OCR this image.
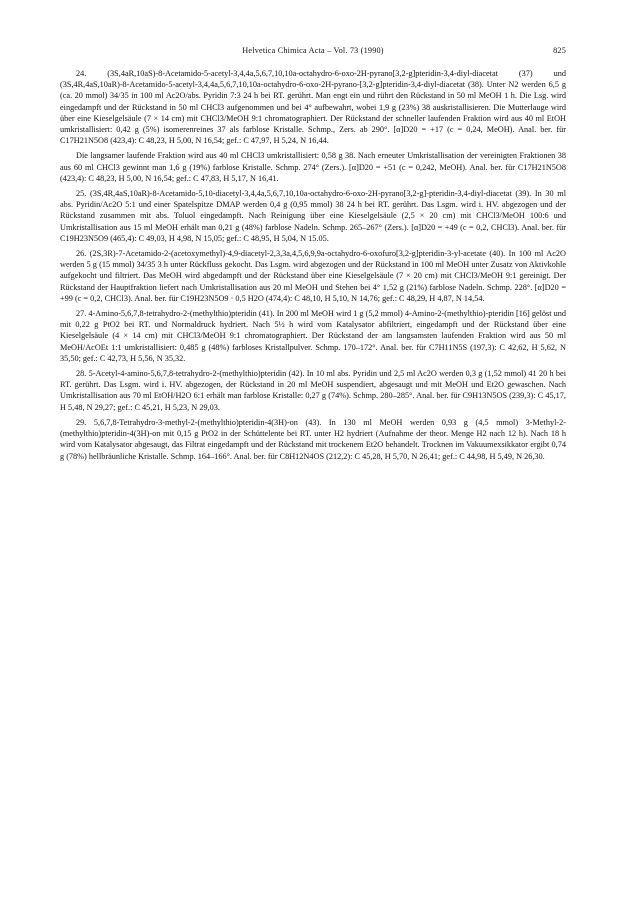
Helvetica Chimica Acta – Vol. 73 (1990)	825

24. (3S,4aR,10aS)-8-Acetamido-5-acetyl-3,4,4a,5,6,7,10,10a-octahydro-6-oxo-2H-pyrano[3,2-g]pteridin-3,4-diyl-diacetat (37) und (3S,4R,4aS,10aR)-8-Acetamido-5-acetyl-3,4,4a,5,6,7,10,10a-octahydro-6-oxo-2H-pyrano-[3,2-g]pteridin-3,4-diyl-diacetat (38). Unter N2 werden 6,5 g (ca. 20 mmol) 34/35 in 100 ml Ac2O/abs. Pyridin 7:3 24 h bei RT. gerührt. Man engt ein und rührt den Rückstand in 50 ml MeOH 1 h. Die Lsg. wird eingedampft und der Rückstand in 50 ml CHCl3 aufgenommen und bei 4° aufbewahrt, wobei 1,9 g (23%) 38 auskristallisieren. Die Mutterlauge wird über eine Kieselgelsäule (7 × 14 cm) mit CHCl3/MeOH 9:1 chromatographiert. Der Rückstand der schneller laufenden Fraktion wird aus 40 ml EtOH umkristallisiert: 0,42 g (5%) isomerenreines 37 als farblose Kristalle. Schmp., Zers. ab 290°. [α]D20 = +17 (c = 0,24, MeOH). Anal. ber. für C17H21N5O8 (423,4): C 48,23, H 5,00, N 16,54; gef.: C 47,97, H 5,24, N 16,44.

Die langsamer laufende Fraktion wird aus 40 ml CHCl3 umkristallisiert: 0,58 g 38. Nach erneuter Umkristallisation der vereinigten Fraktionen 38 aus 60 ml CHCl3 gewinnt man 1,6 g (19%) farblose Kristalle. Schmp. 274° (Zers.). [α]D20 = +51 (c = 0,242, MeOH). Anal. ber. für C17H21N5O8 (423,4): C 48,23, H 5,00, N 16,54; gef.: C 47,83, H 5,17, N 16,41.

25. (3S,4R,4aS,10aR)-8-Acetamido-5,10-diacetyl-3,4,4a,5,6,7,10,10a-octahydro-6-oxo-2H-pyrano[3,2-g]-pteridin-3,4-diyl-diacetat (39). In 30 ml abs. Pyridin/Ac2O 5:1 und einer Spatelspitze DMAP werden 0,4 g (0,95 mmol) 38 24 h bei RT. gerührt. Das Lsgm. wird i. HV. abgezogen und der Rückstand zusammen mit abs. Toluol eingedampft. Nach Reinigung über eine Kieselgelsäule (2,5 × 20 cm) mit CHCl3/MeOH 100:6 und Umkristallisation aus 15 ml MeOH erhält man 0,21 g (48%) farblose Nadeln. Schmp. 265–267° (Zers.). [α]D20 = +49 (c = 0,2, CHCl3). Anal. ber. für C19H23N5O9 (465,4): C 49,03, H 4,98, N 15,05; gef.: C 48,95, H 5,04, N 15.05.

26. (2S,3R)-7-Acetamido-2-(acetoxymethyl)-4,9-diacetyl-2,3,3a,4,5,6,9,9a-octahydro-6-oxofuro[3,2-g]pteridin-3-yl-acetate (40). In 100 ml Ac2O werden 5 g (15 mmol) 34/35 3 h unter Rückfluss gekocht. Das Lsgm. wird abgezogen und der Rückstand in 100 ml MeOH unter Zusatz von Aktivkohle aufgekocht und filtriert. Das MeOH wird abgedampft und der Rückstand über eine Kieselgelsäule (7 × 20 cm) mit CHCl3/MeOH 9:1 gereinigt. Der Rückstand der Hauptfraktion liefert nach Umkristallisation aus 20 ml MeOH und Stehen bei 4° 1,52 g (21%) farblose Nadeln. Schmp. 228°. [α]D20 = +99 (c = 0,2, CHCl3). Anal. ber. für C19H23N5O9 · 0,5 H2O (474,4): C 48,10, H 5,10, N 14,76; gef.: C 48,29, H 4,87, N 14,54.

27. 4-Amino-5,6,7,8-tetrahydro-2-(methylthio)pteridin (41). In 200 ml MeOH wird 1 g (5,2 mmol) 4-Amino-2-(methylthio)-pteridin [16] gelöst und mit 0,22 g PtO2 bei RT. und Normaldruck hydriert. Nach 5½ h wird vom Katalysator abfiltriert, eingedampft und der Rückstand über eine Kieselgelsäule (4 × 14 cm) mit CHCl3/MeOH 9:1 chromatographiert. Der Rückstand der am langsamsten laufenden Fraktion wird aus 50 ml MeOH/AcOEt 1:1 umkristallisiert: 0,485 g (48%) farbloses Kristallpulver. Schmp. 170–172°. Anal. ber. für C7H11N5S (197,3): C 42,62, H 5,62, N 35,50; gef.: C 42,73, H 5,56, N 35,32.

28. 5-Acetyl-4-amino-5,6,7,8-tetrahydro-2-(methylthio)pteridin (42). In 10 ml abs. Pyridin und 2,5 ml Ac2O werden 0,3 g (1,52 mmol) 41 20 h bei RT. gerührt. Das Lsgm. wird i. HV. abgezogen, der Rückstand in 20 ml MeOH suspendiert, abgesaugt und mit MeOH und Et2O gewaschen. Nach Umkristallisation aus 70 ml EtOH/H2O 6:1 erhält man farblose Kristalle: 0,27 g (74%). Schmp. 280–285°. Anal. ber. für C9H13N5OS (239,3): C 45,17, H 5,48, N 29,27; gef.: C 45,21, H 5,23, N 29,03.

29. 5,6,7,8-Tetrahydro-3-methyl-2-(methylthio)pteridin-4(3H)-on (43). In 130 ml MeOH werden 0,93 g (4,5 mmol) 3-Methyl-2-(methylthio)pteridin-4(3H)-on mit 0,15 g PtO2 in der Schüttelente bei RT. unter H2 hydriert (Aufnahme der theor. Menge H2 nach 12 h). Nach 18 h wird vom Katalysator abgesaugt, das Filtrat eingedampft und der Rückstand mit trockenem Et2O behandelt. Trocknen im Vakuumexsikkator ergibt 0,74 g (78%) hellbräunliche Kristalle. Schmp. 164–166°. Anal. ber. für C8H12N4OS (212,2): C 45,28, H 5,70, N 26,41; gef.: C 44,98, H 5,49, N 26,30.
